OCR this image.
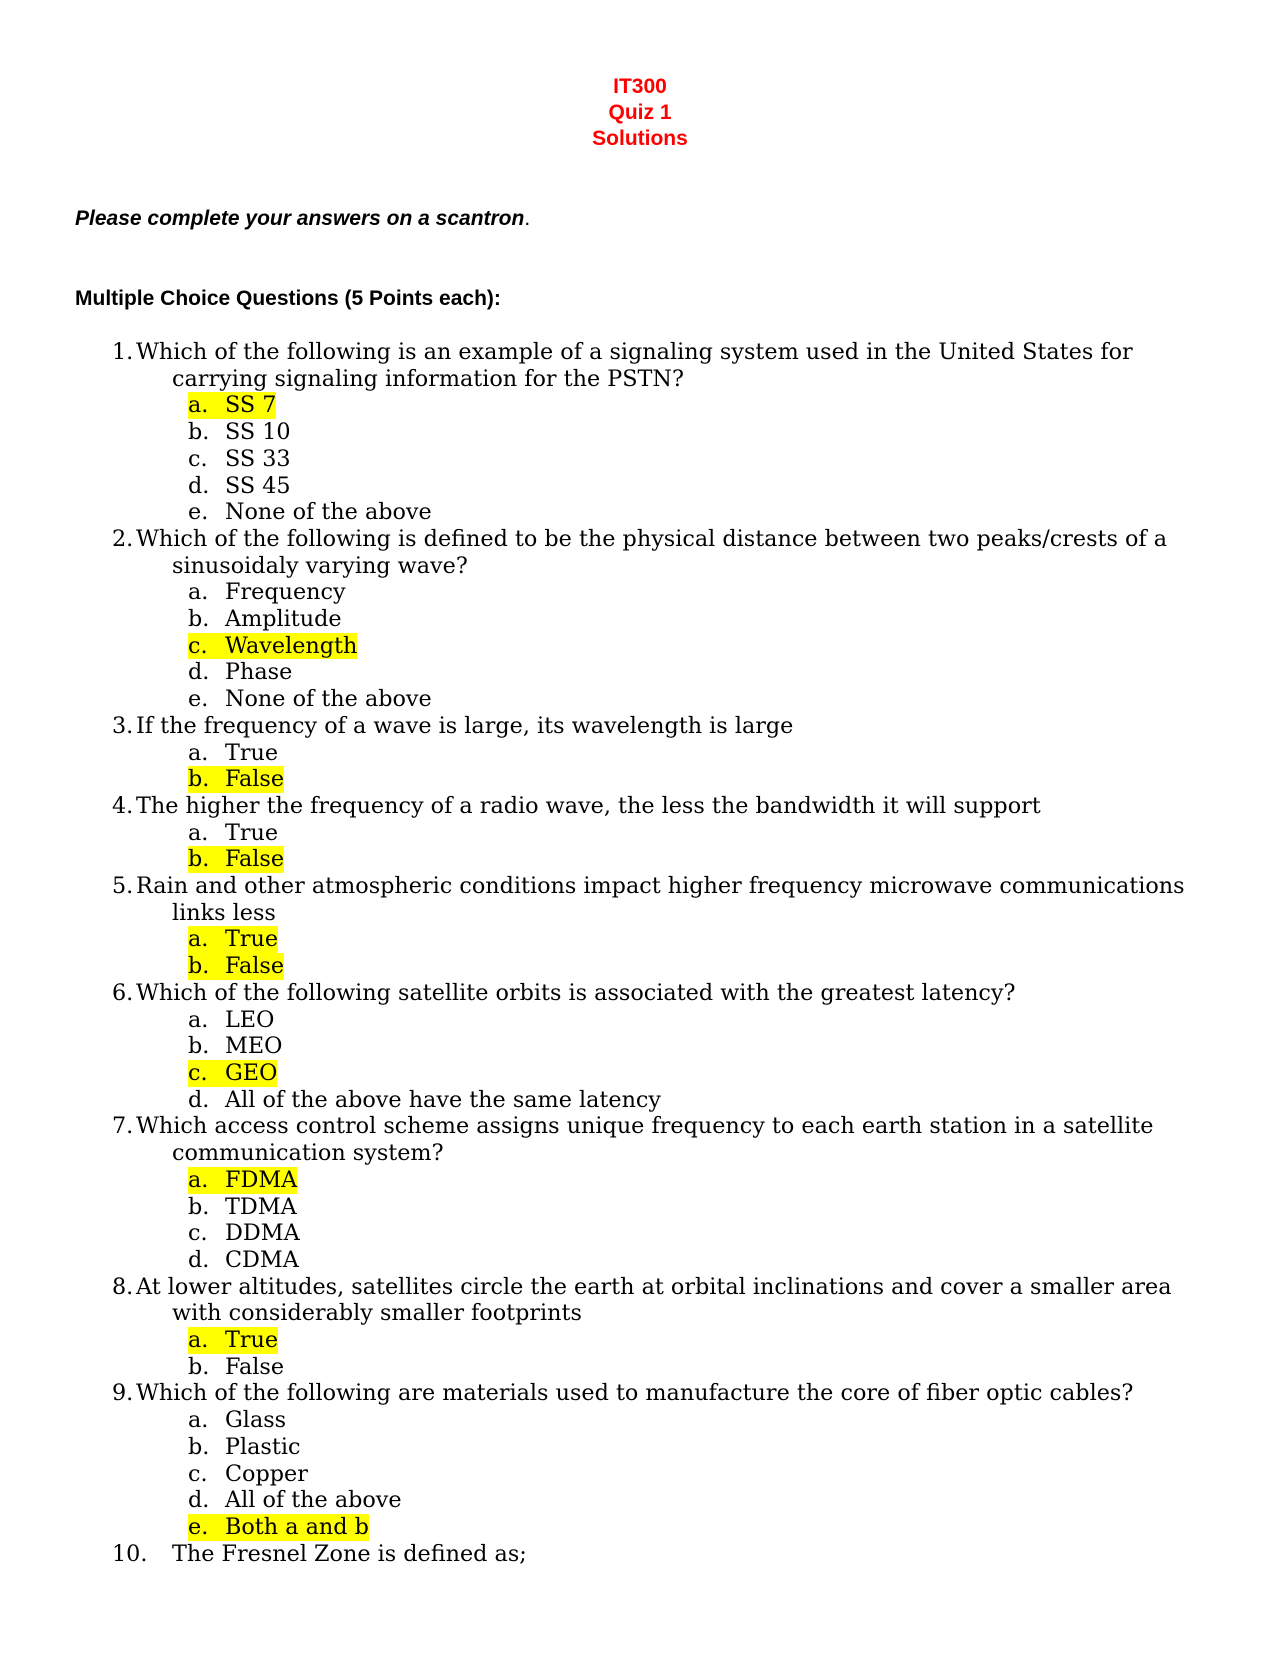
IT300
Quiz 1
Solutions
Please complete your answers on a scantron.
Multiple Choice Questions (5 Points each):
1. Which of the following is an example of a signaling system used in the United States for carrying signaling information for the PSTN?
a. SS 7
b. SS 10
c. SS 33
d. SS 45
e. None of the above
2. Which of the following is defined to be the physical distance between two peaks/crests of a sinusoidaly varying wave?
a. Frequency
b. Amplitude
c. Wavelength
d. Phase
e. None of the above
3. If the frequency of a wave is large, its wavelength is large
a. True
b. False
4. The higher the frequency of a radio wave, the less the bandwidth it will support
a. True
b. False
5. Rain and other atmospheric conditions impact higher frequency microwave communications links less
a. True
b. False
6. Which of the following satellite orbits is associated with the greatest latency?
a. LEO
b. MEO
c. GEO
d. All of the above have the same latency
7. Which access control scheme assigns unique frequency to each earth station in a satellite communication system?
a. FDMA
b. TDMA
c. DDMA
d. CDMA
8. At lower altitudes, satellites circle the earth at orbital inclinations and cover a smaller area with considerably smaller footprints
a. True
b. False
9. Which of the following are materials used to manufacture the core of fiber optic cables?
a. Glass
b. Plastic
c. Copper
d. All of the above
e. Both a and b
10. The Fresnel Zone is defined as;
